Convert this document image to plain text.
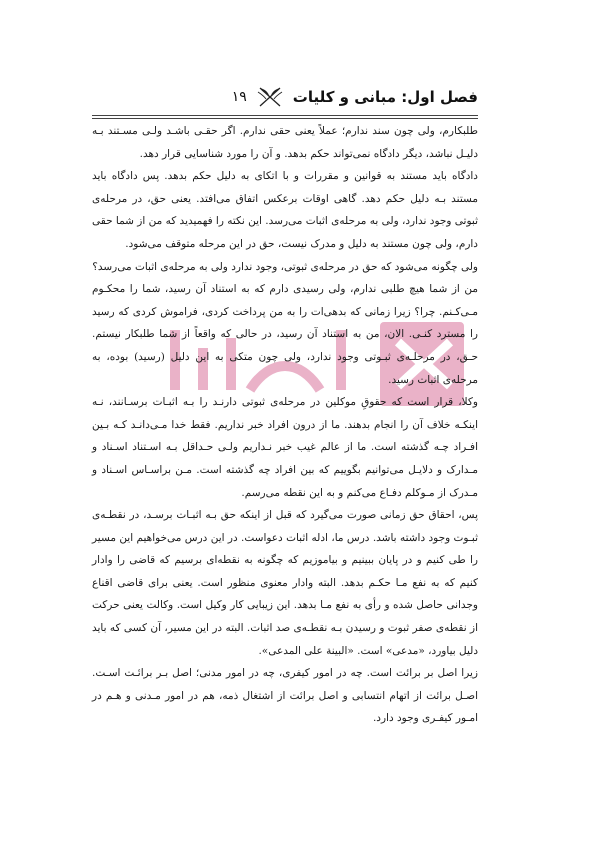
فصل اول: مبانی و کلیات
۱۹

طلبکارم، ولی چون سند ندارم؛ عملاً یعنی حقی ندارم. اگر حقـی باشـد ولـی مسـتند بـه دلیـل نباشد، دیگر دادگاه نمی‌تواند حکم بدهد. و آن را مورد شناسایی قرار دهد.

دادگاه باید مستند به قوانین و مقررات و با اتکای به دلیل حکم بدهد. پس دادگاه باید مستند بـه دلیل حکم دهد. گاهی اوقات برعکس اتفاق می‌افتد. یعنی حق، در مرحله‌ی ثبوتی وجود ندارد، ولی به مرحله‌ی اثبات می‌رسد. این نکته را فهمیدید که من از شما حقی دارم، ولی چون مستند به دلیل و مدرک نیست، حق در این مرحله متوقف می‌شود.

ولی چگونه می‌شود که حق در مرحله‌ی ثبوتی، وجود ندارد ولی به مرحله‌ی اثبات می‌رسد؟

من از شما هیچ طلبی ندارم، ولی رسیدی دارم که به استناد آن رسید، شما را محکـوم مـی‌کـنم. چرا؟ زیرا زمانی که بدهی‌ات را به من پرداخت کردی، فراموش کردی که رسید را مسترد کنـی. الان، من به استناد آن رسید، در حالی که واقعاً از شما طلبکار نیستم. حـق، در مرحلـه‌ی ثبـوتی وجود ندارد، ولی چون متکی به این دلیل (رسید) بوده، به مرحله‌ی اثبات رسید.

وکلا، قرار است که حقوقِ موکلین در مرحله‌ی ثبوتی دارنـد را بـه اثبـات برسـانند، نـه اینکـه خلاف آن را انجام بدهند. ما از درون افراد خبر نداریم. فقط خدا مـی‌دانـد کـه بـین افـراد چـه گذشته است. ما از عالم غیب خبر نـداریم ولـی حـداقل بـه اسـتناد اسـناد و مـدارک و دلایـل می‌توانیم بگوییم که بین افراد چه گذشته است. مـن براسـاس اسـناد و مـدرک از مـوکلم دفـاع می‌کنم و به این نقطه می‌رسم.

پس، احقاق حق زمانی صورت می‌گیرد که قبل از اینکه حق بـه اثبـات برسـد، در نقطـه‌ی ثبـوت وجود داشته باشد. درس ما، ادله اثبات دعواست. در این درس می‌خواهیم این مسیر را طی کنیم و در پایان ببینیم و بیاموزیم که چگونه به نقطه‌ای برسیم که قاضی را وادار کنیم که به نفع مـا حکـم بدهد. البته وادار معنوی منظور است. یعنی برای قاضی اقناع وجدانی حاصل شده و رأی به نفع مـا بدهد. این زیبایی کار وکیل است. وکالت یعنی حرکت از نقطه‌ی صفر ثبوت و رسیدن بـه نقطـه‌ی صد اثبات. البته در این مسیر، آن کسی که باید دلیل بیاورد، «مدعی» است. «البینة علی المدعی».

زیرا اصل بر برائت است. چه در امور کیفری، چه در امور مدنی؛ اصل بـر برائـت اسـت. اصـل برائت از اتهام انتسابی و اصل برائت از اشتغال ذمه، هم در امور مـدنی و هـم در امـور کیفـری وجود دارد.
